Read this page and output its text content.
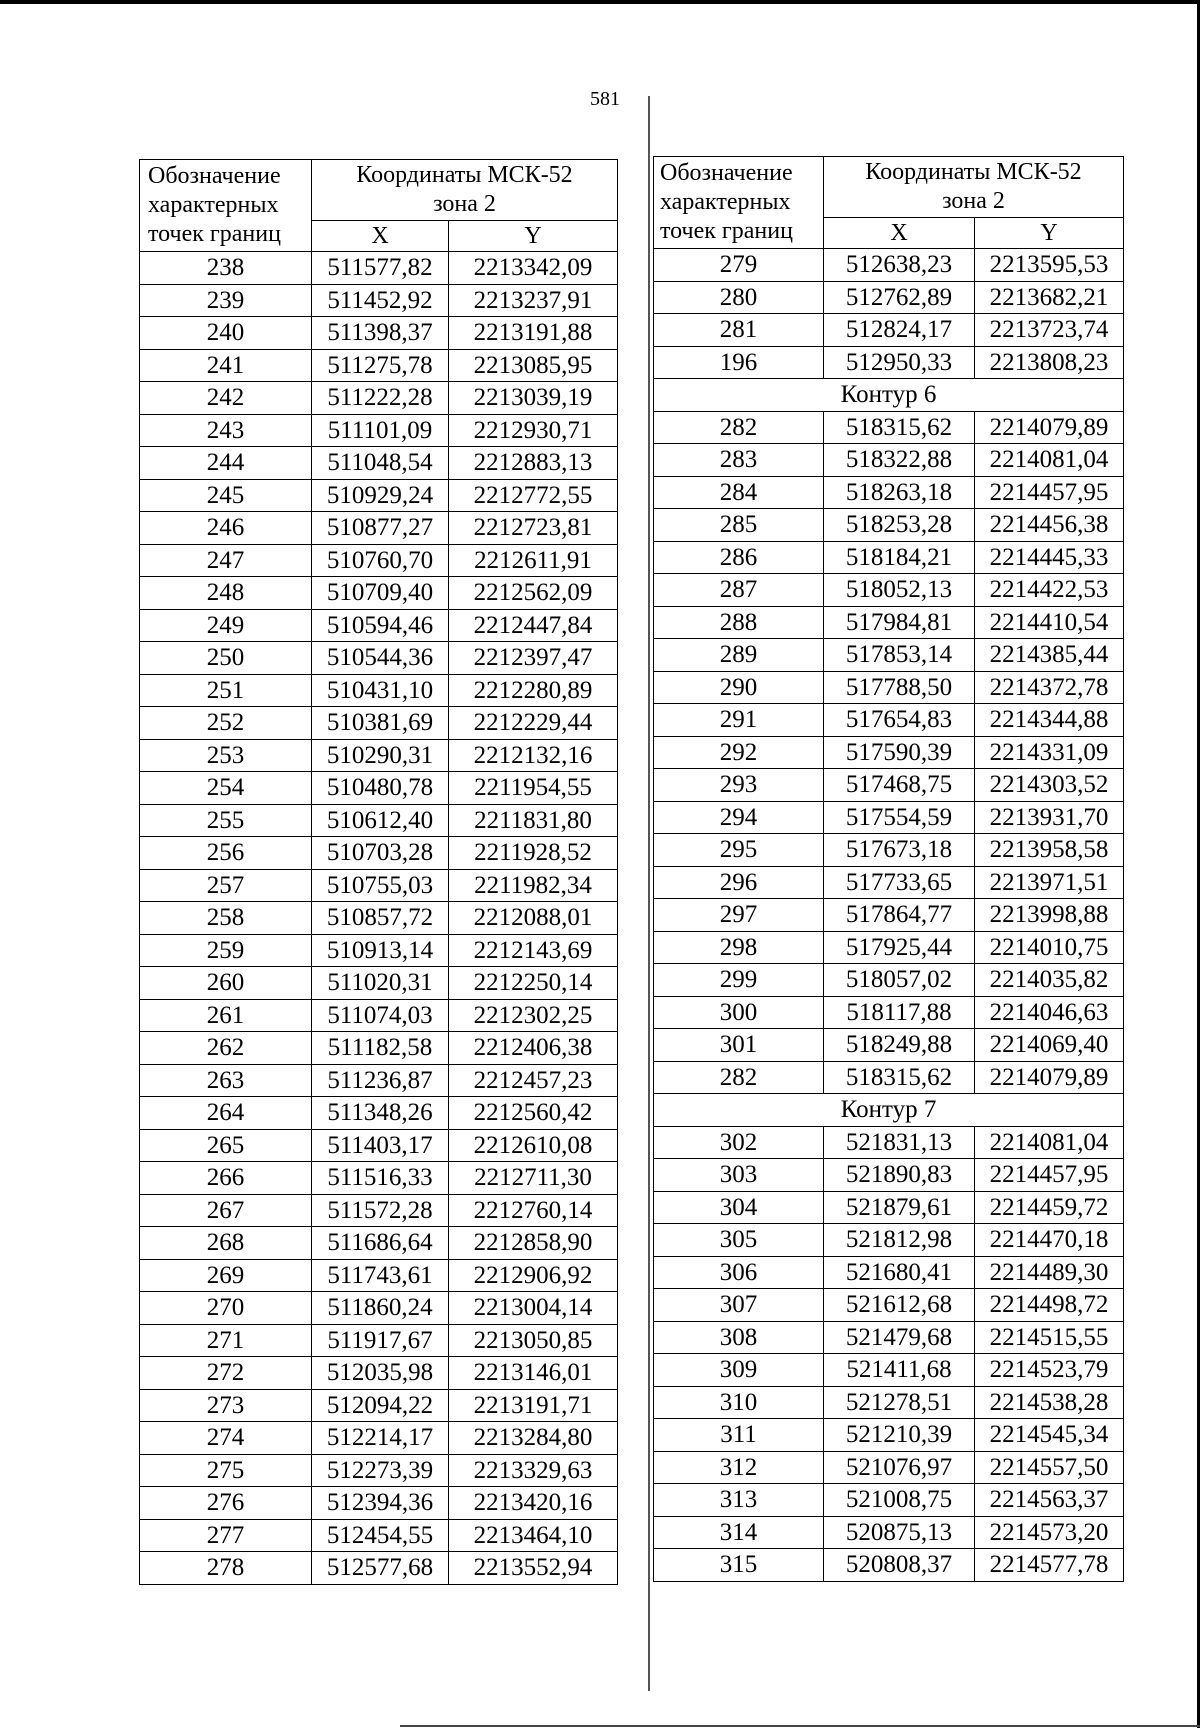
581
Обозначение характерных точек границ	Координаты МСК-52 зона 2	
	X	Y
238	511577,82	2213342,09
239	511452,92	2213237,91
240	511398,37	2213191,88
241	511275,78	2213085,95
242	511222,28	2213039,19
243	511101,09	2212930,71
244	511048,54	2212883,13
245	510929,24	2212772,55
246	510877,27	2212723,81
247	510760,70	2212611,91
248	510709,40	2212562,09
249	510594,46	2212447,84
250	510544,36	2212397,47
251	510431,10	2212280,89
252	510381,69	2212229,44
253	510290,31	2212132,16
254	510480,78	2211954,55
255	510612,40	2211831,80
256	510703,28	2211928,52
257	510755,03	2211982,34
258	510857,72	2212088,01
259	510913,14	2212143,69
260	511020,31	2212250,14
261	511074,03	2212302,25
262	511182,58	2212406,38
263	511236,87	2212457,23
264	511348,26	2212560,42
265	511403,17	2212610,08
266	511516,33	2212711,30
267	511572,28	2212760,14
268	511686,64	2212858,90
269	511743,61	2212906,92
270	511860,24	2213004,14
271	511917,67	2213050,85
272	512035,98	2213146,01
273	512094,22	2213191,71
274	512214,17	2213284,80
275	512273,39	2213329,63
276	512394,36	2213420,16
277	512454,55	2213464,10
278	512577,68	2213552,94
Обозначение характерных точек границ	Координаты МСК-52 зона 2	
	X	Y
279	512638,23	2213595,53
280	512762,89	2213682,21
281	512824,17	2213723,74
196	512950,33	2213808,23
Контур 6		
282	518315,62	2214079,89
283	518322,88	2214081,04
284	518263,18	2214457,95
285	518253,28	2214456,38
286	518184,21	2214445,33
287	518052,13	2214422,53
288	517984,81	2214410,54
289	517853,14	2214385,44
290	517788,50	2214372,78
291	517654,83	2214344,88
292	517590,39	2214331,09
293	517468,75	2214303,52
294	517554,59	2213931,70
295	517673,18	2213958,58
296	517733,65	2213971,51
297	517864,77	2213998,88
298	517925,44	2214010,75
299	518057,02	2214035,82
300	518117,88	2214046,63
301	518249,88	2214069,40
282	518315,62	2214079,89
Контур 7		
302	521831,13	2214081,04
303	521890,83	2214457,95
304	521879,61	2214459,72
305	521812,98	2214470,18
306	521680,41	2214489,30
307	521612,68	2214498,72
308	521479,68	2214515,55
309	521411,68	2214523,79
310	521278,51	2214538,28
311	521210,39	2214545,34
312	521076,97	2214557,50
313	521008,75	2214563,37
314	520875,13	2214573,20
315	520808,37	2214577,78
